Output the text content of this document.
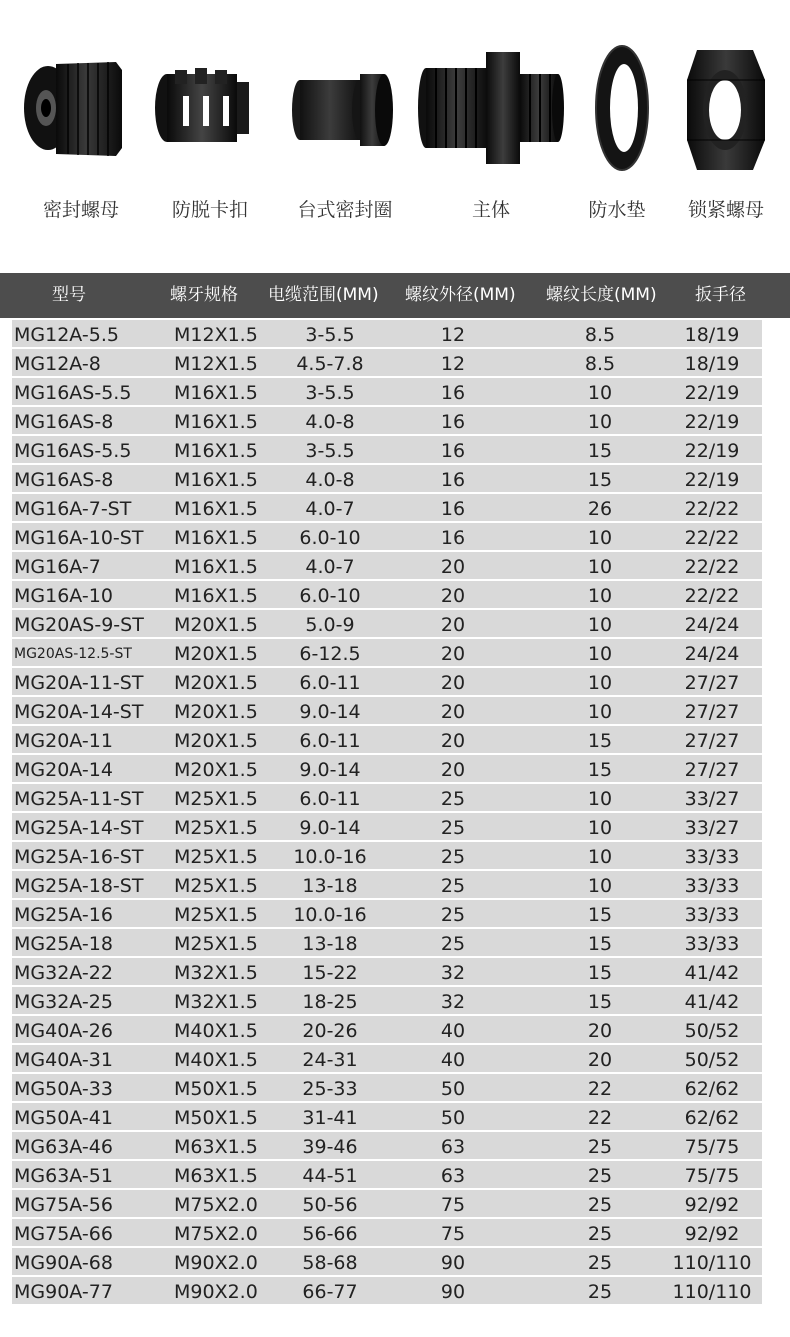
密封螺母	防脱卡扣	台式密封圈	主体	防水垫	锁紧螺母
型号	螺牙规格 电缆范围(MM) 螺纹外径(MM) 螺纹长度(MM) 扳手径
MG12A-5.5	M12X1.5	3-5.5	12	8.5	18/19
MG12A-8	M12X1.5	4.5-7.8	12	8.5	18/19
MG16AS-5.5 M16X1.5	3-5.5	16	10	22/19
MG16AS-8	M16X1.5	4.0-8	16	10	22/19
MG16AS-5.5 M16X1.5	3-5.5	16	15	22/19
MG16AS-8	M16X1.5	4.0-8	16	15	22/19
MG16A-7-ST M16X1.5	4.0-7	16	26	22/22
MG16A-10-ST M16X1.5	6.0-10	16	10	22/22
MG16A-7	M16X1.5	4.0-7	20	10	22/22
MG16A-10	M16X1.5	6.0-10	20	10	22/22
MG20AS-9-ST M20X1.5	5.0-9	20	10	24/24
MG20AS-12.5-ST M20X1.5	6-12.5	20	10	24/24
MG20A-11-ST M20X1.5	6.0-11	20	10	27/27
MG20A-14-ST M20X1.5	9.0-14	20	10	27/27
MG20A-11	M20X1.5	6.0-11	20	15	27/27
MG20A-14	M20X1.5	9.0-14	20	15	27/27
MG25A-11-ST M25X1.5	6.0-11	25	10	33/27
MG25A-14-ST M25X1.5	9.0-14	25	10	33/27
MG25A-16-ST M25X1.5	10.0-16	25	10	33/33
MG25A-18-ST M25X1.5	13-18	25	10	33/33
MG25A-16	M25X1.5	10.0-16	25	15	33/33
MG25A-18	M25X1.5	13-18	25	15	33/33
MG32A-22	M32X1.5	15-22	32	15	41/42
MG32A-25	M32X1.5	18-25	32	15	41/42
MG40A-26	M40X1.5	20-26	40	20	50/52
MG40A-31	M40X1.5	24-31	40	20	50/52
MG50A-33	M50X1.5	25-33	50	22	62/62
MG50A-41	M50X1.5	31-41	50	22	62/62
MG63A-46	M63X1.5	39-46	63	25	75/75
MG63A-51	M63X1.5	44-51	63	25	75/75
MG75A-56	M75X2.0	50-56	75	25	92/92
MG75A-66	M75X2.0	56-66	75	25	92/92
MG90A-68	M90X2.0	58-68	90	25	110/110
MG90A-77	M90X2.0	66-77	90	25	110/110
